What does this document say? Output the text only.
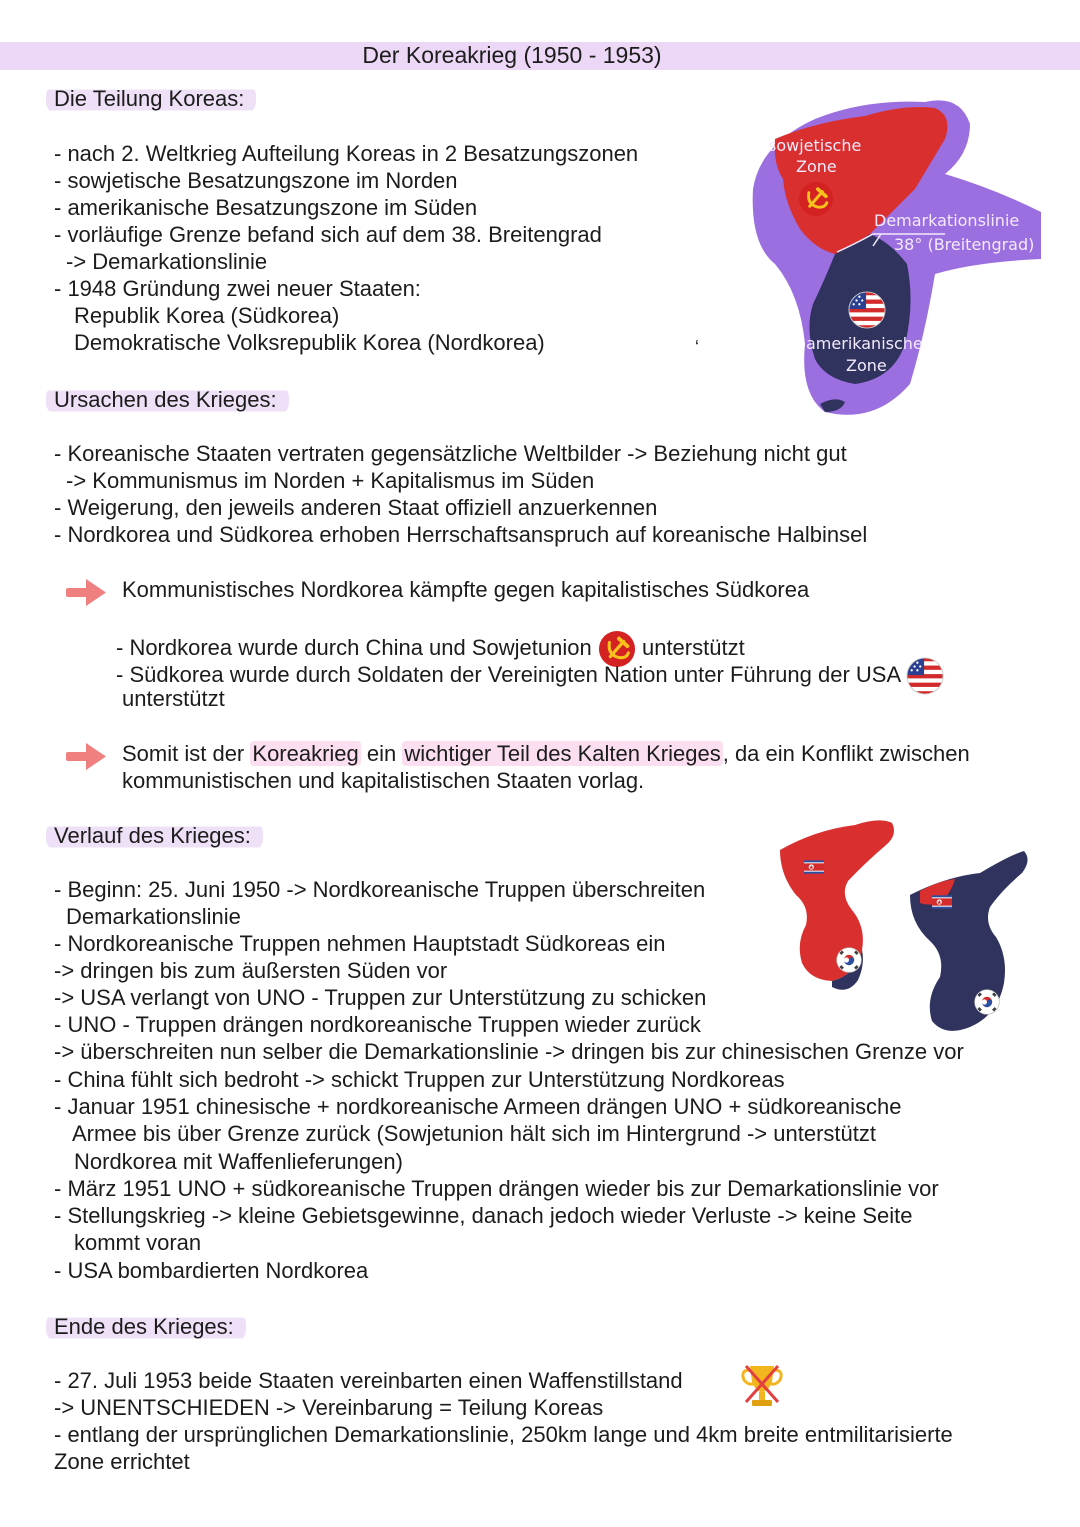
Der Koreakrieg (1950 - 1953)
Die Teilung Koreas:
- nach 2. Weltkrieg Aufteilung Koreas in 2 Besatzungszonen
- sowjetische Besatzungszone im Norden
- amerikanische Besatzungszone im Süden
- vorläufige Grenze befand sich auf dem 38. Breitengrad
-> Demarkationslinie
- 1948 Gründung zwei neuer Staaten:
Republik Korea (Südkorea)
Demokratische Volksrepublik Korea (Nordkorea)	‘
sowjetische
Zone
Demarkationslinie
38° (Breitengrad)
amerikanische
Zone
Ursachen des Krieges:
- Koreanische Staaten vertraten gegensätzliche Weltbilder -> Beziehung nicht gut
-> Kommunismus im Norden + Kapitalismus im Süden
- Weigerung, den jeweils anderen Staat offiziell anzuerkennen
- Nordkorea und Südkorea erhoben Herrschaftsanspruch auf koreanische Halbinsel
Kommunistisches Nordkorea kämpfte gegen kapitalistisches Südkorea
- Nordkorea wurde durch China und Sowjetunion unterstützt
- Südkorea wurde durch Soldaten der Vereinigten Nation unter Führung der USA
unterstützt
Somit ist der Koreakrieg ein wichtiger Teil des Kalten Krieges, da ein Konflikt zwischen
kommunistischen und kapitalistischen Staaten vorlag.
Verlauf des Krieges:
- Beginn: 25. Juni 1950 -> Nordkoreanische Truppen überschreiten
Demarkationslinie
- Nordkoreanische Truppen nehmen Hauptstadt Südkoreas ein
-> dringen bis zum äußersten Süden vor
-> USA verlangt von UNO - Truppen zur Unterstützung zu schicken
- UNO - Truppen drängen nordkoreanische Truppen wieder zurück
-> überschreiten nun selber die Demarkationslinie -> dringen bis zur chinesischen Grenze vor
- China fühlt sich bedroht -> schickt Truppen zur Unterstützung Nordkoreas
- Januar 1951 chinesische + nordkoreanische Armeen drängen UNO + südkoreanische
Armee bis über Grenze zurück (Sowjetunion hält sich im Hintergrund -> unterstützt
Nordkorea mit Waffenlieferungen)
- März 1951 UNO + südkoreanische Truppen drängen wieder bis zur Demarkationslinie vor
- Stellungskrieg -> kleine Gebietsgewinne, danach jedoch wieder Verluste -> keine Seite
kommt voran
- USA bombardierten Nordkorea
Ende des Krieges:
- 27. Juli 1953 beide Staaten vereinbarten einen Waffenstillstand
-> UNENTSCHIEDEN -> Vereinbarung = Teilung Koreas
- entlang der ursprünglichen Demarkationslinie, 250km lange und 4km breite entmilitarisierte
Zone errichtet
